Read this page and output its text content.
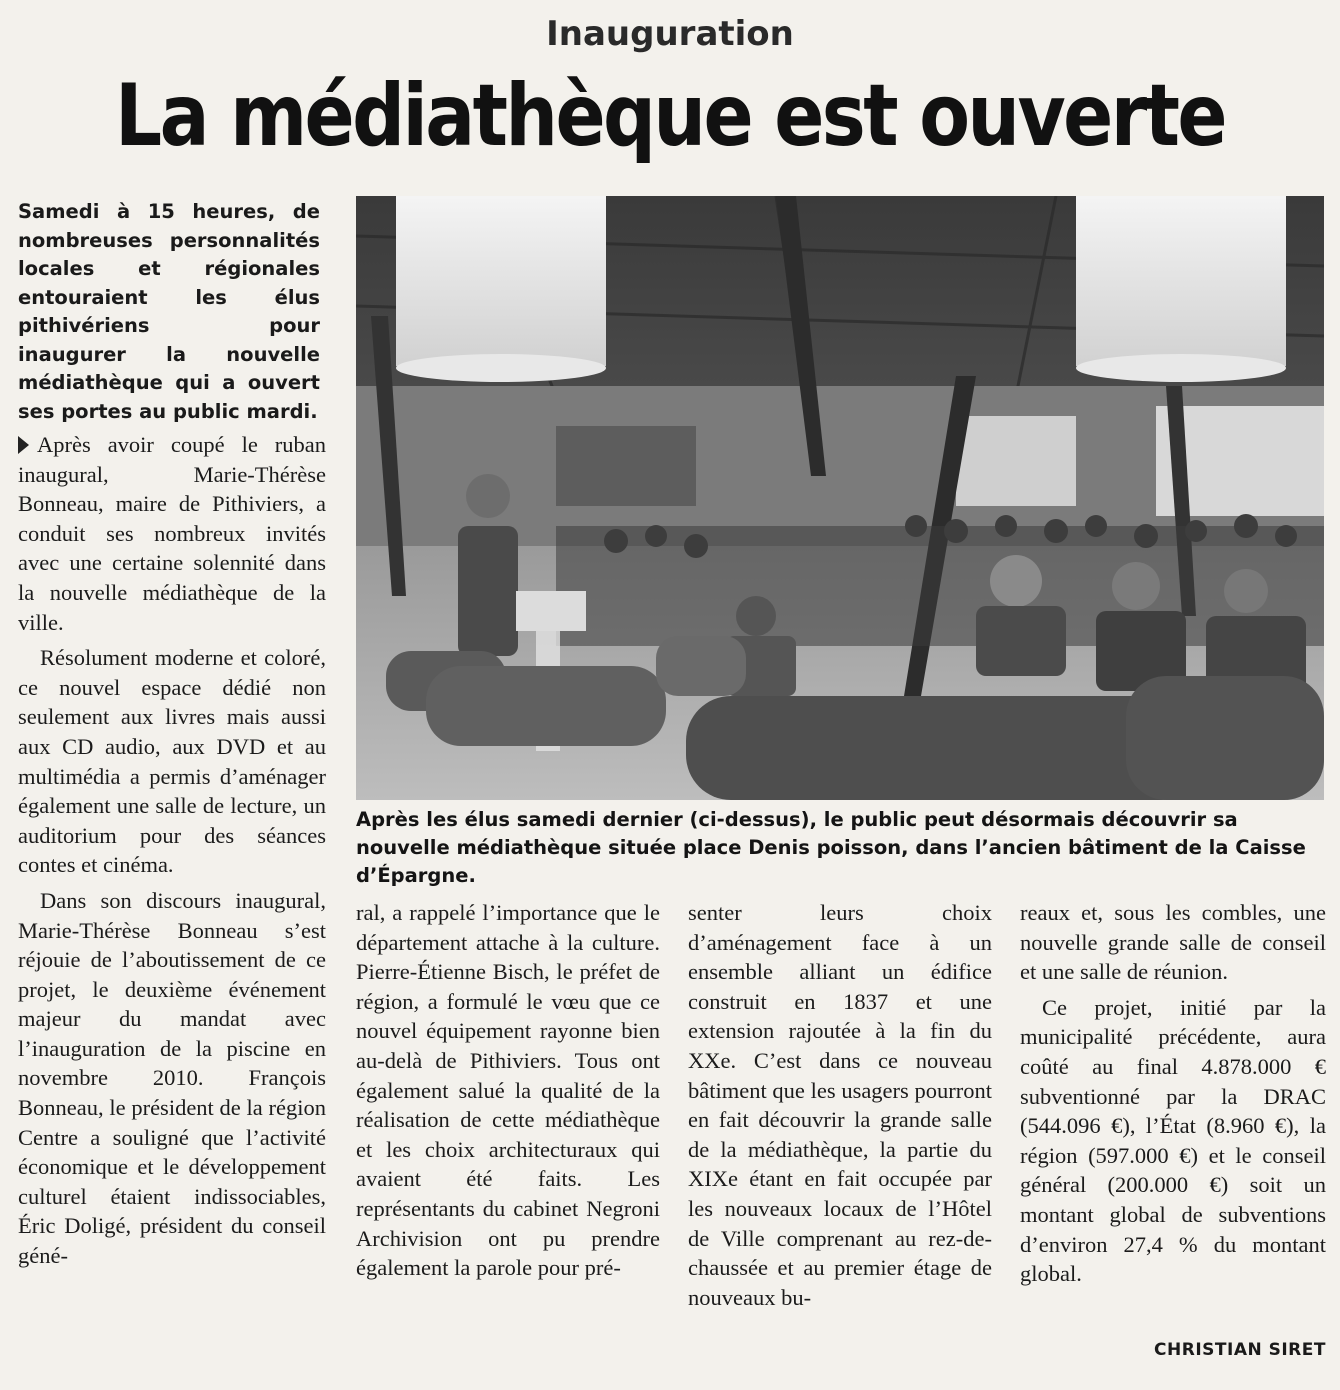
Inauguration
La médiathèque est ouverte
Samedi à 15 heures, de nombreuses personnalités locales et régionales entouraient les élus pithivériens pour inaugurer la nouvelle médiathèque qui a ouvert ses portes au public mardi.
Après les élus samedi dernier (ci-dessus), le public peut désormais découvrir sa nouvelle médiathèque située place Denis poisson, dans l’ancien bâtiment de la Caisse d’Épargne.

Après avoir coupé le ruban inaugural, Marie-Thérèse Bonneau, maire de Pithiviers, a conduit ses nombreux invités avec une certaine solennité dans la nouvelle médiathèque de la ville.

Résolument moderne et coloré, ce nouvel espace dédié non seulement aux livres mais aussi aux CD audio, aux DVD et au multimédia a permis d’aménager également une salle de lecture, un auditorium pour des séances contes et cinéma.

Dans son discours inaugural, Marie-Thérèse Bonneau s’est réjouie de l’aboutissement de ce projet, le deuxième événement majeur du mandat avec l’inauguration de la piscine en novembre 2010. François Bonneau, le président de la région Centre a souligné que l’activité économique et le développement culturel étaient indissociables, Éric Doligé, président du conseil géné-

ral, a rappelé l’importance que le département attache à la culture. Pierre-Étienne Bisch, le préfet de région, a formulé le vœu que ce nouvel équipement rayonne bien au-delà de Pithiviers. Tous ont également salué la qualité de la réalisation de cette médiathèque et les choix architecturaux qui avaient été faits. Les représentants du cabinet Negroni Archivision ont pu prendre également la parole pour pré-

senter leurs choix d’aménagement face à un ensemble alliant un édifice construit en 1837 et une extension rajoutée à la fin du XXe. C’est dans ce nouveau bâtiment que les usagers pourront en fait découvrir la grande salle de la médiathèque, la partie du XIXe étant en fait occupée par les nouveaux locaux de l’Hôtel de Ville comprenant au rez-de-chaussée et au premier étage de nouveaux bu-

reaux et, sous les combles, une nouvelle grande salle de conseil et une salle de réunion.

Ce projet, initié par la municipalité précédente, aura coûté au final 4.878.000 € subventionné par la DRAC (544.096 €), l’État (8.960 €), la région (597.000 €) et le conseil général (200.000 €) soit un montant global de subventions d’environ 27,4 % du montant global.

CHRISTIAN SIRET
